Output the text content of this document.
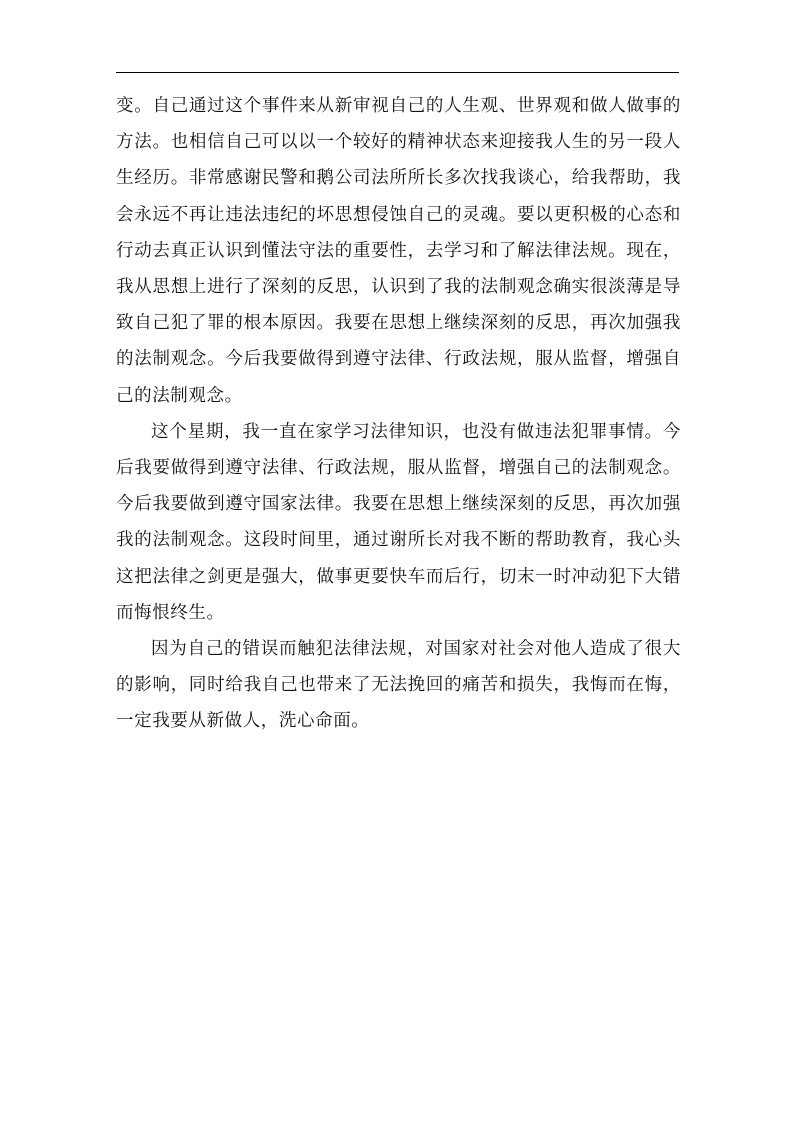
变。自己通过这个事件来从新审视自己的人生观、世界观和做人做事的方法。也相信自己可以以一个较好的精神状态来迎接我人生的另一段人生经历。非常感谢民警和鹅公司法所所长多次找我谈心，给我帮助，我会永远不再让违法违纪的坏思想侵蚀自己的灵魂。要以更积极的心态和行动去真正认识到懂法守法的重要性，去学习和了解法律法规。现在，我从思想上进行了深刻的反思，认识到了我的法制观念确实很淡薄是导致自己犯了罪的根本原因。我要在思想上继续深刻的反思，再次加强我的法制观念。今后我要做得到遵守法律、行政法规，服从监督，增强自己的法制观念。

这个星期，我一直在家学习法律知识，也没有做违法犯罪事情。今后我要做得到遵守法律、行政法规，服从监督，增强自己的法制观念。今后我要做到遵守国家法律。我要在思想上继续深刻的反思，再次加强我的法制观念。这段时间里，通过谢所长对我不断的帮助教育，我心头这把法律之剑更是强大，做事更要快车而后行，切末一时冲动犯下大错而悔恨终生。

因为自己的错误而触犯法律法规，对国家对社会对他人造成了很大的影响，同时给我自己也带来了无法挽回的痛苦和损失，我悔而在悔，一定我要从新做人，洗心命面。
